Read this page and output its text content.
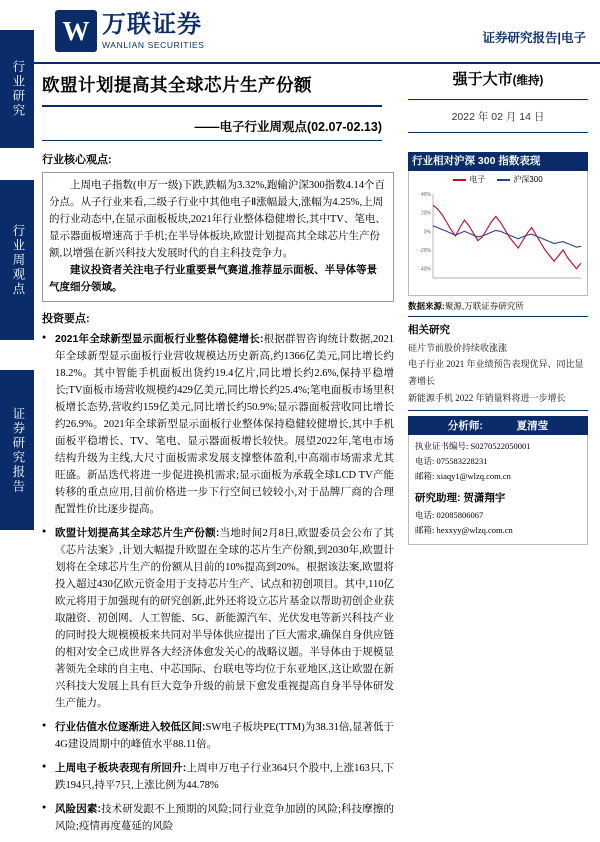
W 万联证券
WANLIAN SECURITIES	证券研究报告|电子
行业研究
行业周观点
证券研究报告
欧盟计划提高其全球芯片生产份额
——电子行业周观点(02.07-02.13)
强于大市(维持)
2022 年 02 月 14 日
行业核心观点:

上周电子指数(申万一级)下跌,跌幅为3.32%,跑输沪深300指数4.14个百分点。从子行业来看,二级子行业中其他电子Ⅱ涨幅最大,涨幅为4.25%,上周的行业动态中,在显示面板板块,2021年行业整体稳健增长,其中TV、笔电、显示器面板增速高于手机;在半导体板块,欧盟计划提高其全球芯片生产份额,以增强在新兴科技大发展时代的自主科技竞争力。

建议投资者关注电子行业重要景气赛道,推荐显示面板、半导体等景气度细分领域。

投资要点:
● 2021年全球新型显示面板行业整体稳健增长:根据群智咨询统计数据,2021年全球新型显示面板行业营收规模达历史新高,约1366亿美元,同比增长约18.2%。其中智能手机面板出货约19.4亿片,同比增长约2.6%,保持平稳增长;TV面板市场营收规模约429亿美元,同比增长约25.4%;笔电面板市场里积板增长态势,营收约159亿美元,同比增长约50.9%;显示器面板营收同比增长约26.9%。2021年全球新型显示面板行业整体保持稳健较健增长,其中手机面板平稳增长、TV、笔电、显示器面板增长较快。展望2022年,笔电市场结构升级为主线,大尺寸面板需求发展支撑整体盈利,中高端市场需求尤其旺盛。新品迭代将进一步促进换机需求;显示面板为承载全球LCD TV产能转移的重点应用,目前价格进一步下行空间已较较小,对于品牌厂商的合理配置性价比逐步提高。
● 欧盟计划提高其全球芯片生产份额:当地时间2月8日,欧盟委员会公布了其《芯片法案》,计划大幅提升欧盟在全球的芯片生产份额,到2030年,欧盟计划将在全球芯片生产的份额从目前的10%提高到20%。根据该法案,欧盟将投入超过430亿欧元资金用于支持芯片生产、试点和初创项目。其中,110亿欧元将用于加强现有的研究创新,此外还将设立芯片基金以帮助初创企业获取融资、初创网、人工智能、5G、新能源汽车、光伏发电等新兴科技产业的同时投大规模模板来共同对半导体供应提出了巨大需求,确保自身供应链的相对安全已成世界各大经济体愈发关心的战略议题。半导体由于规模显著领先全球的自主电、中芯国际、台联电等均位于东亚地区,这让欧盟在新兴科技大发展上具有巨大竞争升级的前景下愈发重视提高自身半导体研发生产能力。
● 行业估值水位逐渐进入较低区间:SW电子板块PE(TTM)为38.31倍,显著低于4G建设周期中的峰值水平88.11倍。
● 上周电子板块表现有所回升:上周申万电子行业364只个股中,上涨163只,下跌194只,持平7只,上涨比例为44.78%
● 风险因素:技术研发跟不上预期的风险;同行业竞争加剧的风险;科技摩擦的风险;疫情再度蔓延的风险
行业相对沪深 300 指数表现
电子	沪深300
40%
20%
0%
-20%
-40%
数据来源:聚源,万联证券研究所
相关研究
硅片节前股价持续收涨涨
电子行业 2021 年业绩预告表现优异、同比显著增长
新能源手机 2022 年销量料将进一步增长
分析师:	夏清莹
执业证书编号: S0270522050001
电话: 075583228231
邮箱: xiaqy1@wlzq.com.cn
研究助理: 贺潇翔宇
电话: 02085806067
邮箱: hexxyy@wlzq.com.cn
